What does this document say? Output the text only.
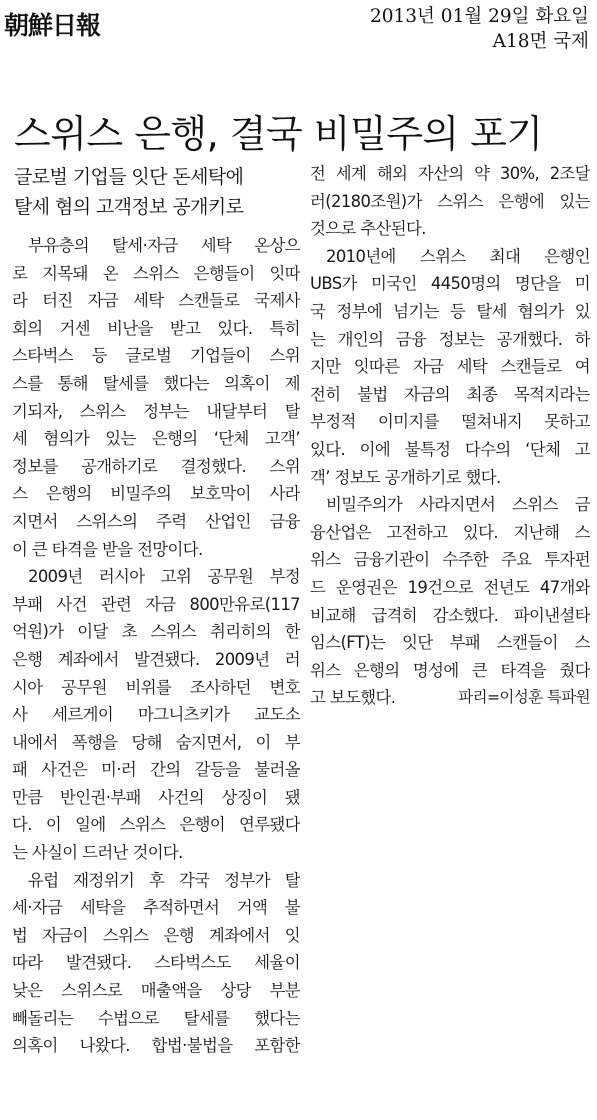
朝鮮日報	2013년 01월 29일 화요일
A18면 국제
스위스 은행, 결국 비밀주의 포기
글로벌 기업들 잇단 돈세탁에
탈세 혐의 고객정보 공개키로
부유층의 탈세·자금 세탁 온상으
로 지목돼 온 스위스 은행들이 잇따
라 터진 자금 세탁 스캔들로 국제사
회의 거센 비난을 받고 있다. 특히
스타벅스 등 글로벌 기업들이 스위
스를 통해 탈세를 했다는 의혹이 제
기되자, 스위스 정부는 내달부터 탈
세 혐의가 있는 은행의 ‘단체 고객’
정보를 공개하기로 결정했다. 스위
스 은행의 비밀주의 보호막이 사라
지면서 스위스의 주력 산업인 금융
이 큰 타격을 받을 전망이다.
2009년 러시아 고위 공무원 부정
부패 사건 관련 자금 800만유로(117
억원)가 이달 초 스위스 취리히의 한
은행 계좌에서 발견됐다. 2009년 러
시아 공무원 비위를 조사하던 변호
사 세르게이 마그니츠키가 교도소
내에서 폭행을 당해 숨지면서, 이 부
패 사건은 미·러 간의 갈등을 불러올
만큼 반인권·부패 사건의 상징이 됐
다. 이 일에 스위스 은행이 연루됐다
는 사실이 드러난 것이다.
유럽 재정위기 후 각국 정부가 탈
세·자금 세탁을 추적하면서 거액 불
법 자금이 스위스 은행 계좌에서 잇
따라 발견됐다. 스타벅스도 세율이
낮은 스위스로 매출액을 상당 부분
빼돌리는 수법으로 탈세를 했다는
의혹이 나왔다. 합법·불법을 포함한
전 세계 해외 자산의 약 30%, 2조달
러(2180조원)가 스위스 은행에 있는
것으로 추산된다.
2010년에 스위스 최대 은행인
UBS가 미국인 4450명의 명단을 미
국 정부에 넘기는 등 탈세 혐의가 있
는 개인의 금융 정보는 공개했다. 하
지만 잇따른 자금 세탁 스캔들로 여
전히 불법 자금의 최종 목적지라는
부정적 이미지를 떨쳐내지 못하고
있다. 이에 불특정 다수의 ‘단체 고
객’ 정보도 공개하기로 했다.
비밀주의가 사라지면서 스위스 금
융산업은 고전하고 있다. 지난해 스
위스 금융기관이 수주한 주요 투자펀
드 운영권은 19건으로 전년도 47개와
비교해 급격히 감소했다. 파이낸셜타
임스(FT)는 잇단 부패 스캔들이 스
위스 은행의 명성에 큰 타격을 줬다
고 보도했다.	파리=이성훈 특파원
